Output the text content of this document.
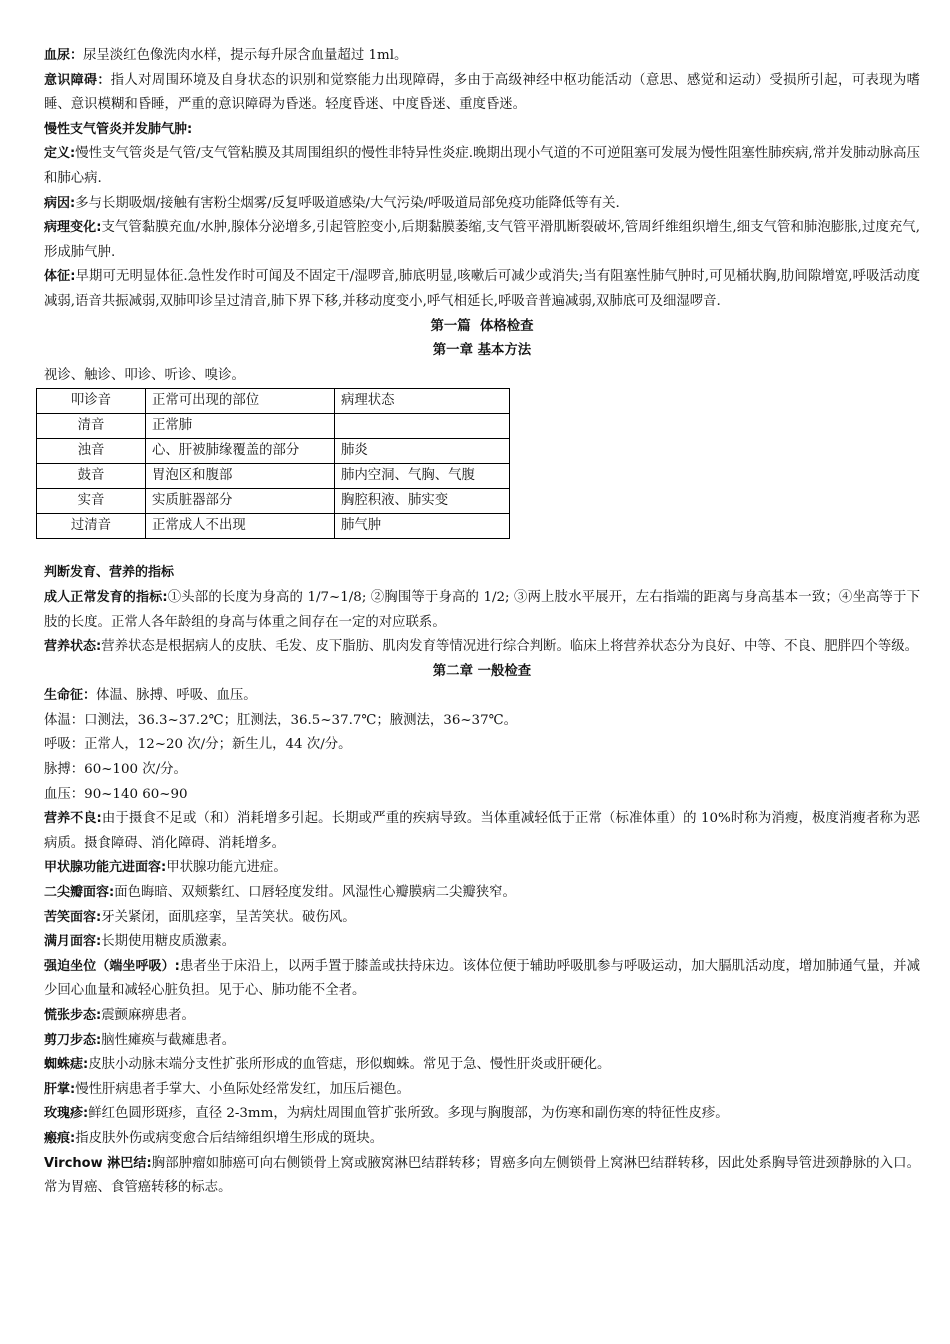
血尿：尿呈淡红色像洗肉水样，提示每升尿含血量超过 1ml。

意识障碍：指人对周围环境及自身状态的识别和觉察能力出现障碍，多由于高级神经中枢功能活动（意思、感觉和运动）受损所引起，可表现为嗜睡、意识模糊和昏睡，严重的意识障碍为昏迷。轻度昏迷、中度昏迷、重度昏迷。

慢性支气管炎并发肺气肿:

定义:慢性支气管炎是气管/支气管粘膜及其周围组织的慢性非特异性炎症.晚期出现小气道的不可逆阻塞可发展为慢性阻塞性肺疾病,常并发肺动脉高压和肺心病.

病因:多与长期吸烟/接触有害粉尘烟雾/反复呼吸道感染/大气污染/呼吸道局部免疫功能降低等有关.

病理变化:支气管黏膜充血/水肿,腺体分泌增多,引起管腔变小,后期黏膜萎缩,支气管平滑肌断裂破坏,管周纤维组织增生,细支气管和肺泡膨胀,过度充气,形成肺气肿.

体征:早期可无明显体征.急性发作时可闻及不固定干/湿啰音,肺底明显,咳嗽后可减少或消失;当有阻塞性肺气肿时,可见桶状胸,肋间隙增宽,呼吸活动度减弱,语音共振减弱,双肺叩诊呈过清音,肺下界下移,并移动度变小,呼气相延长,呼吸音普遍减弱,双肺底可及细湿啰音.

第一篇  体格检查

第一章 基本方法

视诊、触诊、叩诊、听诊、嗅诊。

叩诊音	正常可出现的部位	病理状态
清音	正常肺	
浊音	心、肝被肺缘覆盖的部分	肺炎
鼓音	胃泡区和腹部	肺内空洞、气胸、气腹
实音	实质脏器部分	胸腔积液、肺实变
过清音	正常成人不出现	肺气肿

判断发育、营养的指标

成人正常发育的指标:①头部的长度为身高的 1/7~1/8; ②胸围等于身高的 1/2; ③两上肢水平展开，左右指端的距离与身高基本一致；④坐高等于下肢的长度。正常人各年龄组的身高与体重之间存在一定的对应联系。

营养状态:营养状态是根据病人的皮肤、毛发、皮下脂肪、肌肉发育等情况进行综合判断。临床上将营养状态分为良好、中等、不良、肥胖四个等级。

第二章 一般检查

生命征：体温、脉搏、呼吸、血压。

体温：口测法，36.3~37.2℃；肛测法，36.5~37.7℃；腋测法，36~37℃。

呼吸：正常人，12~20 次/分；新生儿，44 次/分。

脉搏：60~100 次/分。

血压：90~140 60~90

营养不良:由于摄食不足或（和）消耗增多引起。长期或严重的疾病导致。当体重减轻低于正常（标准体重）的 10%时称为消瘦，极度消瘦者称为恶病质。摄食障碍、消化障碍、消耗增多。

甲状腺功能亢进面容:甲状腺功能亢进症。

二尖瓣面容:面色晦暗、双颊紫红、口唇轻度发绀。风湿性心瓣膜病二尖瓣狭窄。

苦笑面容:牙关紧闭，面肌痉挛，呈苦笑状。破伤风。

满月面容:长期使用糖皮质激素。

强迫坐位（端坐呼吸）:患者坐于床沿上，以两手置于膝盖或扶持床边。该体位便于辅助呼吸肌参与呼吸运动，加大膈肌活动度，增加肺通气量，并减少回心血量和减轻心脏负担。见于心、肺功能不全者。

慌张步态:震颤麻痹患者。

剪刀步态:脑性瘫痪与截瘫患者。

蜘蛛痣:皮肤小动脉末端分支性扩张所形成的血管痣，形似蜘蛛。常见于急、慢性肝炎或肝硬化。

肝掌:慢性肝病患者手掌大、小鱼际处经常发红，加压后褪色。

玫瑰疹:鲜红色圆形斑疹，直径 2-3mm，为病灶周围血管扩张所致。多现与胸腹部，为伤寒和副伤寒的特征性皮疹。

瘢痕:指皮肤外伤或病变愈合后结缔组织增生形成的斑块。

Virchow 淋巴结:胸部肿瘤如肺癌可向右侧锁骨上窝或腋窝淋巴结群转移；胃癌多向左侧锁骨上窝淋巴结群转移，因此处系胸导管进颈静脉的入口。常为胃癌、食管癌转移的标志。
